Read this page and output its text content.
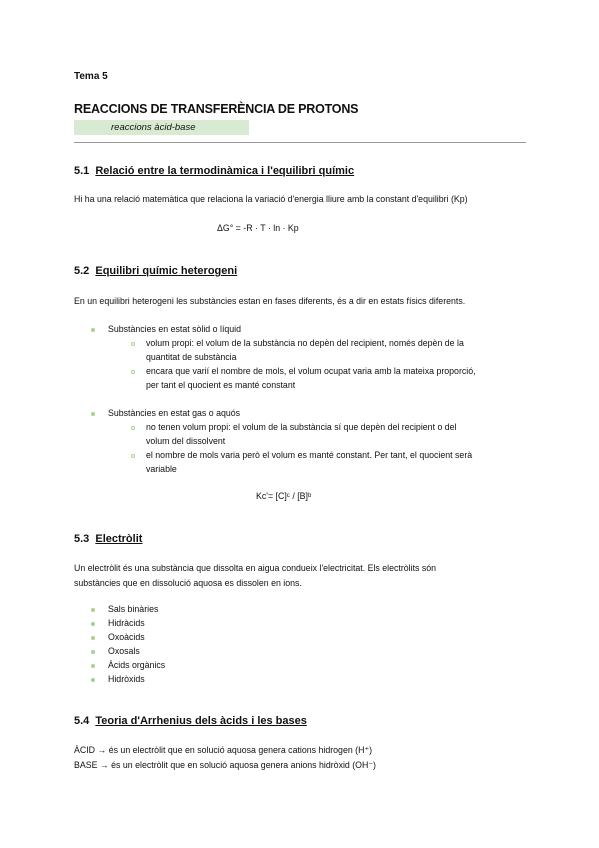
Tema 5
REACCIONS DE TRANSFERÈNCIA DE PROTONS
reaccions àcid-base
5.1 Relació entre la termodinàmica i l'equilibri químic
Hi ha una relació matemàtica que relaciona la variació d'energia lliure amb la constant d'equilibri (Kp)
ΔG° = -R · T · ln · Kp
5.2 Equilibri químic heterogeni
En un equilibri heterogeni les substàncies estan en fases diferents, és a dir en estats físics diferents.
Substàncies en estat sòlid o líquid
volum propi: el volum de la substància no depèn del recipient, només depèn de la
quantitat de substància
encara que varií el nombre de mols, el volum ocupat varia amb la mateixa proporció,
per tant el quocient es manté constant
Substàncies en estat gas o aquós
no tenen volum propi: el volum de la substància sí que depèn del recipient o del
volum del dissolvent
el nombre de mols varia però el volum es manté constant. Per tant, el quocient serà
variable
Kc'= [C]ᶜ / [B]ᵇ
5.3 Electròlit
Un electròlit és una substància que dissolta en aigua condueix l'electricitat. Els electròlits són
substàncies que en dissolució aquosa es dissolen en ions.
Sals binàries
Hidràcids
Oxoàcids
Oxosals
Àcids orgànics
Hidròxids
5.4 Teoria d'Arrhenius dels àcids i les bases
ÀCID → és un electròlit que en solució aquosa genera cations hidrogen (H⁺)
BASE → és un electròlit que en solució aquosa genera anions hidròxid (OH⁻)
